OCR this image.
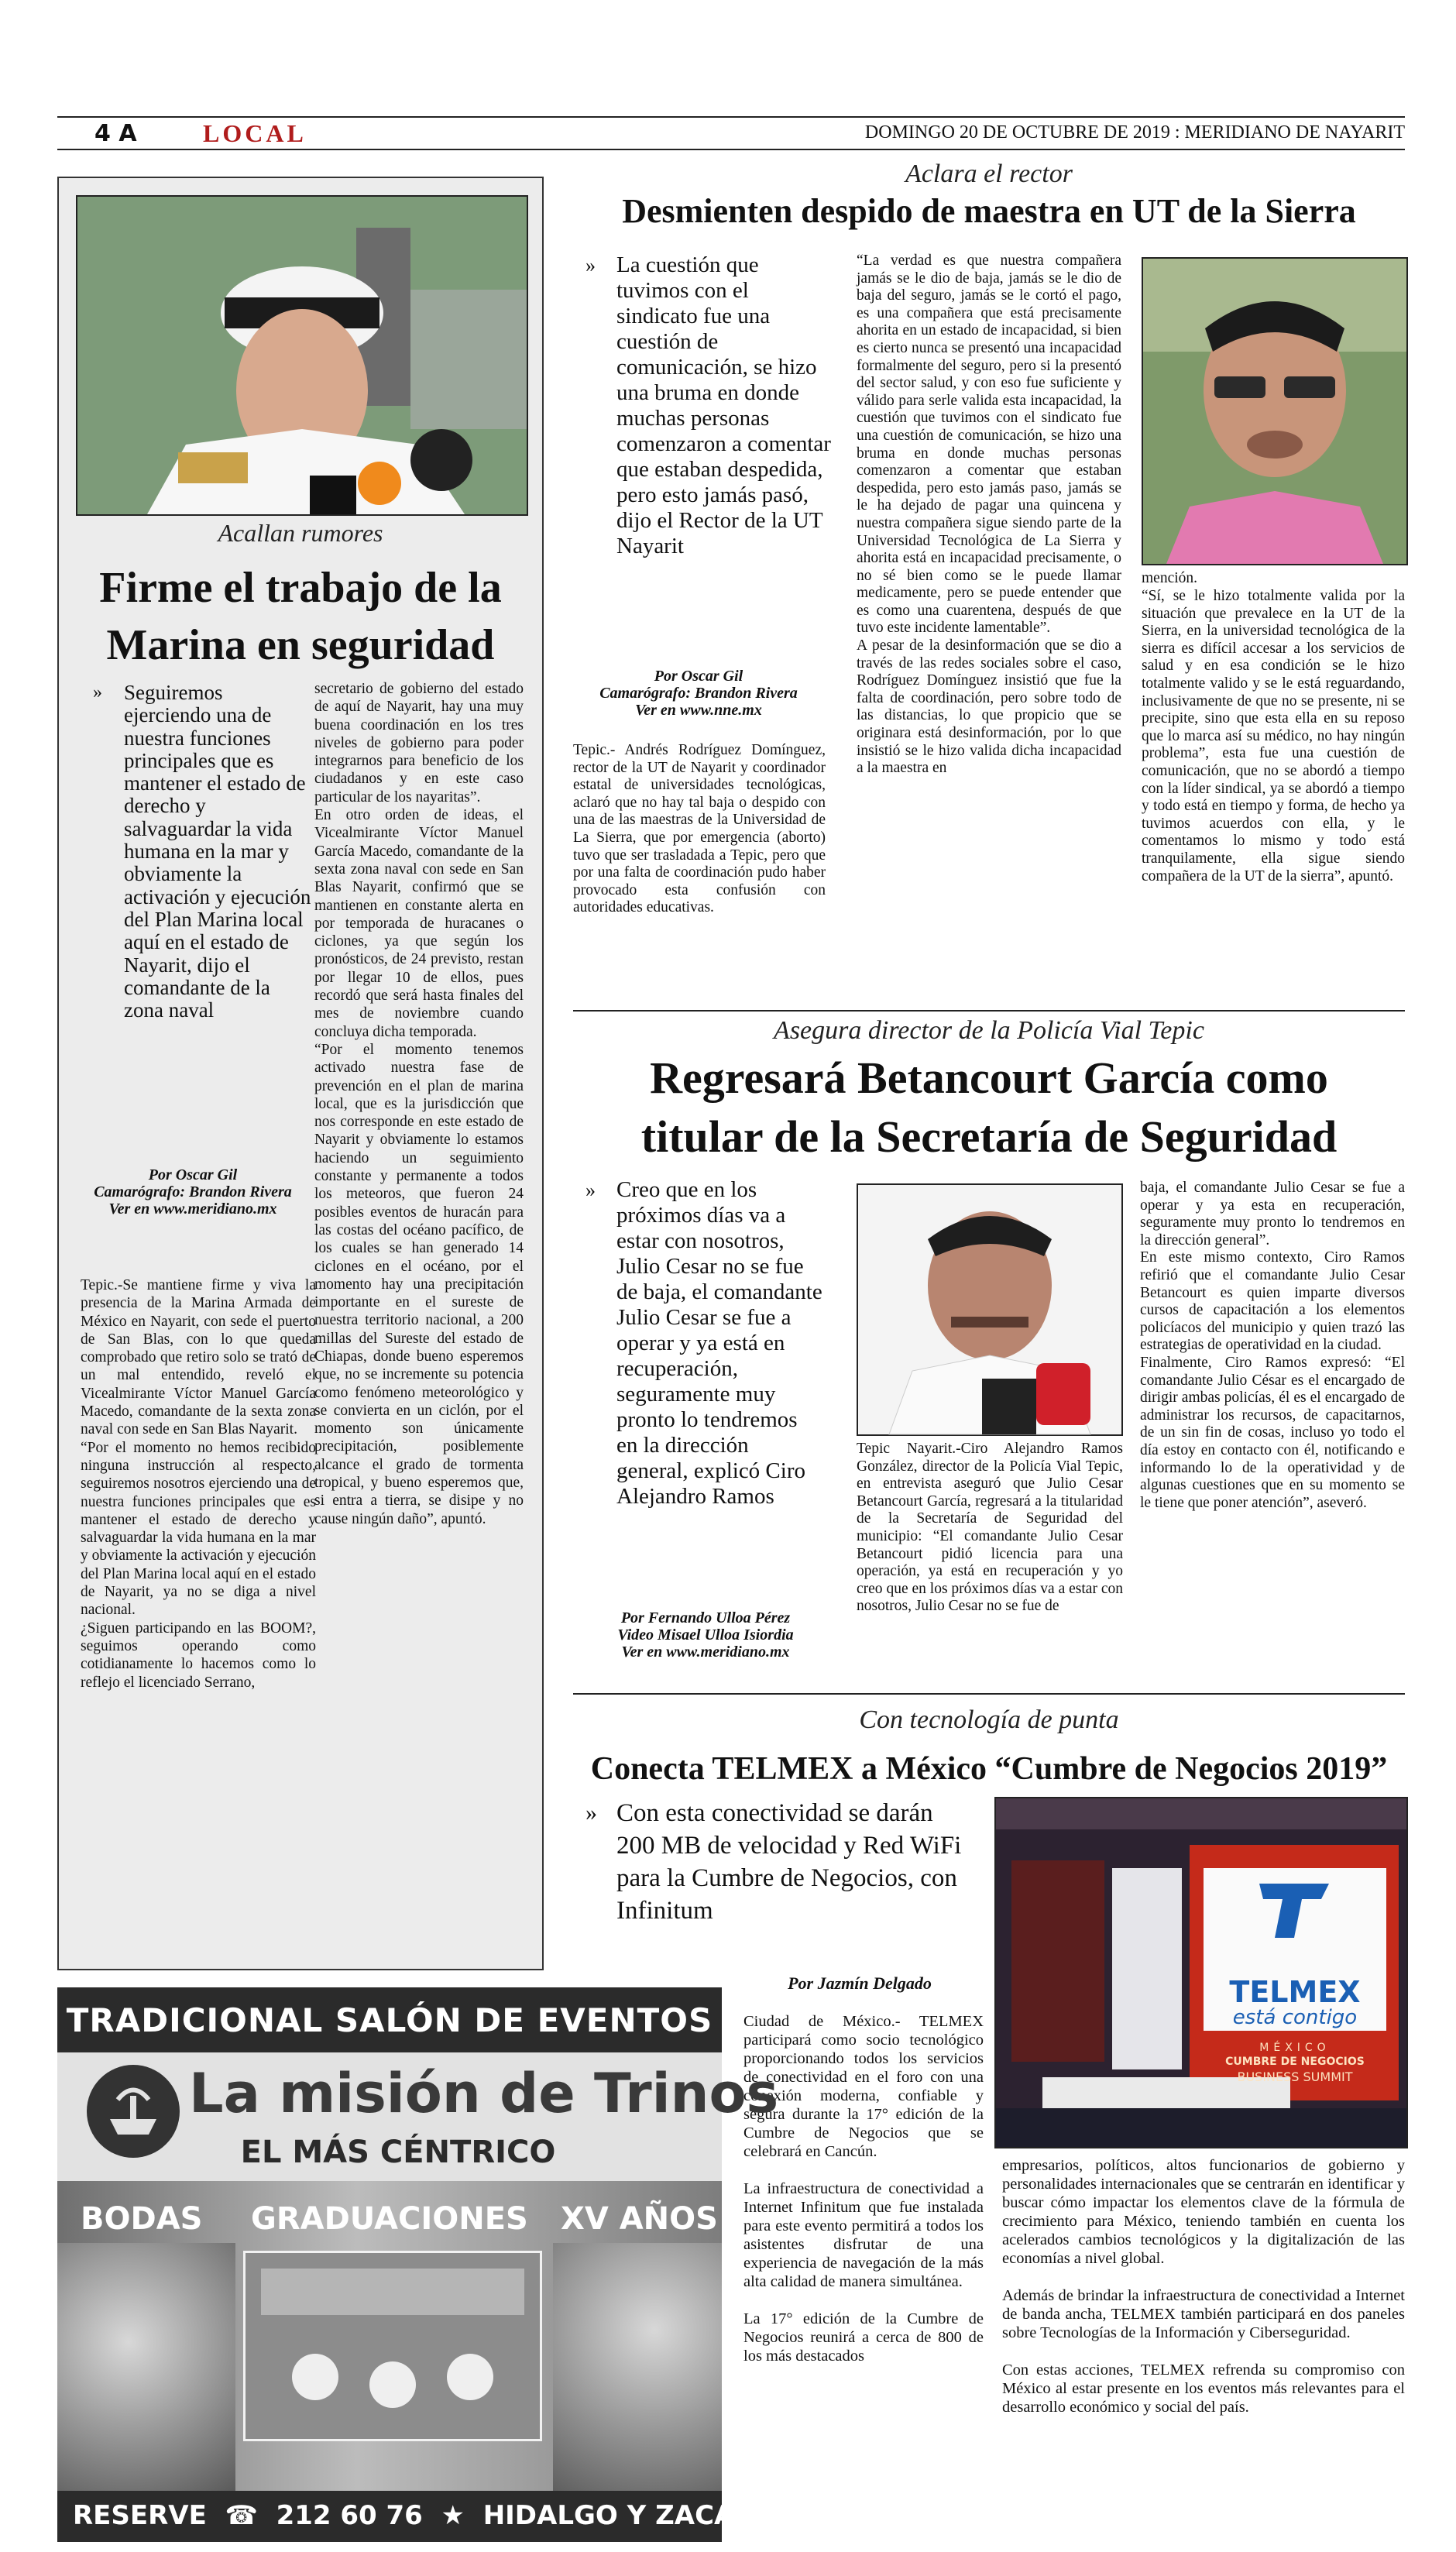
4 A	LOCAL	DOMINGO 20 DE OCTUBRE DE 2019 : MERIDIANO DE NAYARIT
Acallan rumores
Firme el trabajo de la Marina en seguridad
» Seguiremos ejerciendo una de nuestra funciones principales que es mantener el estado de derecho y salvaguardar la vida humana en la mar y obviamente la activación y ejecución del Plan Marina local aquí en el estado de Nayarit, dijo el comandante de la zona naval
Por Oscar Gil
Camarógrafo: Brandon Rivera
Ver en www.meridiano.mx
Tepic.-Se mantiene firme y viva la presencia de la Marina Armada de México en Nayarit, con sede el puerto de San Blas, con lo que queda comprobado que retiro solo se trató de un mal entendido, reveló el Vicealmirante Víctor Manuel García Macedo, comandante de la sexta zona naval con sede en San Blas Nayarit.
“Por el momento no hemos recibido ninguna instrucción al respecto, seguiremos nosotros ejerciendo una de nuestra funciones principales que es mantener el estado de derecho y salvaguardar la vida humana en la mar y obviamente la activación y ejecución del Plan Marina local aquí en el estado de Nayarit, ya no se diga a nivel nacional.
¿Siguen participando en las BOOM?, seguimos operando como cotidianamente lo hacemos como lo reflejo el licenciado Serrano,
secretario de gobierno del estado de aquí de Nayarit, hay una muy buena coordinación en los tres niveles de gobierno para poder integrarnos para beneficio de los ciudadanos y en este caso particular de los nayaritas”.
En otro orden de ideas, el Vicealmirante Víctor Manuel García Macedo, comandante de la sexta zona naval con sede en San Blas Nayarit, confirmó que se mantienen en constante alerta en por temporada de huracanes o ciclones, ya que según los pronósticos, de 24 previsto, restan por llegar 10 de ellos, pues recordó que será hasta finales del mes de noviembre cuando concluya dicha temporada.
“Por el momento tenemos activado nuestra fase de prevención en el plan de marina local, que es la jurisdicción que nos corresponde en este estado de Nayarit y obviamente lo estamos haciendo un seguimiento constante y permanente a todos los meteoros, que fueron 24 posibles eventos de huracán para las costas del océano pacífico, de los cuales se han generado 14 ciclones en el océano, por el momento hay una precipitación importante en el sureste de nuestra territorio nacional, a 200 millas del Sureste del estado de Chiapas, donde bueno esperemos que, no se incremente su potencia como fenómeno meteorológico y se convierta en un ciclón, por el momento son únicamente precipitación, posiblemente alcance el grado de tormenta tropical, y bueno esperemos que, si entra a tierra, se disipe y no cause ningún daño”, apuntó.
Aclara el rector
Desmienten despido de maestra en UT de la Sierra
» La cuestión que tuvimos con el sindicato fue una cuestión de comunicación, se hizo una bruma en donde muchas personas comenzaron a comentar que estaban despedida, pero esto jamás pasó, dijo el Rector de la UT Nayarit
Por Oscar Gil
Camarógrafo: Brandon Rivera
Ver en www.nne.mx
Tepic.- Andrés Rodríguez Domínguez, rector de la UT de Nayarit y coordinador estatal de universidades tecnológicas, aclaró que no hay tal baja o despido con una de las maestras de la Universidad de La Sierra, que por emergencia (aborto) tuvo que ser trasladada a Tepic, pero que por una falta de coordinación pudo haber provocado esta confusión con autoridades educativas.
“La verdad es que nuestra compañera jamás se le dio de baja, jamás se le dio de baja del seguro, jamás se le cortó el pago, es una compañera que está precisamente ahorita en un estado de incapacidad, si bien es cierto nunca se presentó una incapacidad formalmente del seguro, pero si la presentó del sector salud, y con eso fue suficiente y válido para serle valida esta incapacidad, la cuestión que tuvimos con el sindicato fue una cuestión de comunicación, se hizo una bruma en donde muchas personas comenzaron a comentar que estaban despedida, pero esto jamás paso, jamás se le ha dejado de pagar una quincena y nuestra compañera sigue siendo parte de la Universidad Tecnológica de La Sierra y ahorita está en incapacidad precisamente, o no sé bien como se le puede llamar medicamente, pero se puede entender que es como una cuarentena, después de que tuvo este incidente lamentable”.
A pesar de la desinformación que se dio a través de las redes sociales sobre el caso, Rodríguez Domínguez insistió que fue la falta de coordinación, pero sobre todo de las distancias, lo que propicio que se originara está desinformación, por lo que insistió se le hizo valida dicha incapacidad a la maestra en
mención.
“Sí, se le hizo totalmente valida por la situación que prevalece en la UT de la Sierra, en la universidad tecnológica de la sierra es difícil accesar a los servicios de salud y en esa condición se le hizo totalmente valido y se le está reguardando, inclusivamente de que no se presente, ni se precipite, sino que esta ella en su reposo que lo marca así su médico, no hay ningún problema”, esta fue una cuestión de comunicación, que no se abordó a tiempo con la líder sindical, ya se abordó a tiempo y todo está en tiempo y forma, de hecho ya tuvimos acuerdos con ella, y le comentamos lo mismo y todo está tranquilamente, ella sigue siendo compañera de la UT de la sierra”, apuntó.
Asegura director de la Policía Vial Tepic
Regresará Betancourt García como titular de la Secretaría de Seguridad
» Creo que en los próximos días va a estar con nosotros, Julio Cesar no se fue de baja, el comandante Julio Cesar se fue a operar y ya está en recuperación, seguramente muy pronto lo tendremos en la dirección general, explicó Ciro Alejandro Ramos
Por Fernando Ulloa Pérez
Video Misael Ulloa Isiordia
Ver en www.meridiano.mx
Tepic Nayarit.-Ciro Alejandro Ramos González, director de la Policía Vial Tepic, en entrevista aseguró que Julio Cesar Betancourt García, regresará a la titularidad de la Secretaría de Seguridad del municipio: “El comandante Julio Cesar Betancourt pidió licencia para una operación, ya está en recuperación y yo creo que en los próximos días va a estar con nosotros, Julio Cesar no se fue de
baja, el comandante Julio Cesar se fue a operar y ya esta en recuperación, seguramente muy pronto lo tendremos en la dirección general”.
En este mismo contexto, Ciro Ramos refirió que el comandante Julio Cesar Betancourt es quien imparte diversos cursos de capacitación a los elementos policíacos del municipio y quien trazó las estrategias de operatividad en la ciudad.
Finalmente, Ciro Ramos expresó: “El comandante Julio César es el encargado de dirigir ambas policías, él es el encargado de administrar los recursos, de capacitarnos, de un sin fin de cosas, incluso yo todo el día estoy en contacto con él, notificando e informando lo de la operatividad y de algunas cuestiones que en su momento se le tiene que poner atención”, aseveró.
Con tecnología de punta
Conecta TELMEX a México “Cumbre de Negocios 2019”
» Con esta conectividad se darán 200 MB de velocidad y Red WiFi para la Cumbre de Negocios, con Infinitum
Por Jazmín Delgado
Ciudad de México.- TELMEX participará como socio tecnológico proporcionando todos los servicios de conectividad en el foro con una conexión moderna, confiable y segura durante la 17° edición de la Cumbre de Negocios que se celebrará en Cancún.

La infraestructura de conectividad a Internet Infinitum que fue instalada para este evento permitirá a todos los asistentes disfrutar de una experiencia de navegación de la más alta calidad de manera simultánea.

La 17° edición de la Cumbre de Negocios reunirá a cerca de 800 de los más destacados
TELMEX
está contigo
MÉXICO
CUMBRE DE NEGOCIOS
BUSINESS SUMMIT
empresarios, políticos, altos funcionarios de gobierno y personalidades internacionales que se centrarán en identificar y buscar cómo impactar los elementos clave de la fórmula de crecimiento para México, teniendo también en cuenta los acelerados cambios tecnológicos y la digitalización de las economías a nivel global.

Además de brindar la infraestructura de conectividad a Internet de banda ancha, TELMEX también participará en dos paneles sobre Tecnologías de la Información y Ciberseguridad.

Con estas acciones, TELMEX refrenda su compromiso con México al estar presente en los eventos más relevantes para el desarrollo económico y social del país.
TRADICIONAL SALÓN DE EVENTOS
La misión de Trinos
EL MÁS CÉNTRICO
BODAS GRADUACIONES XV AÑOS
RESERVE  ☎  212 60 76  ★  HIDALGO Y ZACATECAS
